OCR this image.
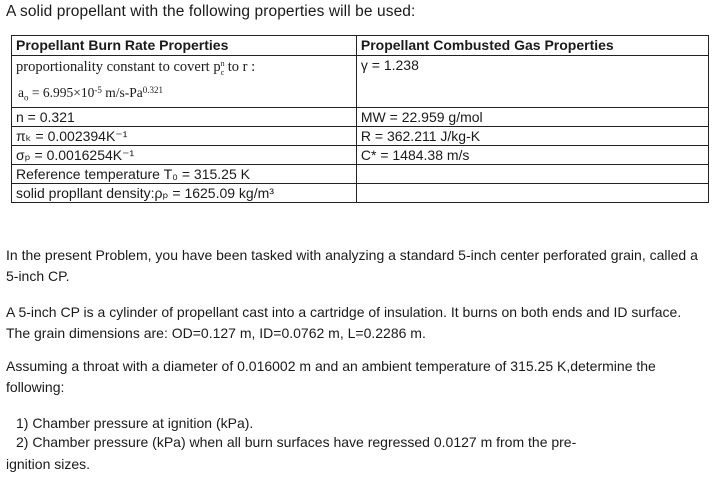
A solid propellant with the following properties will be used:
Propellant Burn Rate Properties	Propellant Combusted Gas Properties

proportionality constant to covert p n
$_c$ to r :
$a_o = 6.995\times 10^{-5}$ $m/s-Pa^{0.321}$	γ = 1.238
n = 0.321	MW = 22.959 g/mol
πₖ = 0.002394K⁻¹	R = 362.211 J/kg-K
σₚ = 0.0016254K⁻¹	C* = 1484.38 m/s
Reference temperature T₀ = 315.25 K	
solid propllant density:ρₚ = 1625.09 kg/m³	
In the present Problem, you have been tasked with analyzing a standard 5-inch center perforated grain, called a 5-inch CP.
A 5-inch CP is a cylinder of propellant cast into a cartridge of insulation. It burns on both ends and ID surface. The grain dimensions are: OD=0.127 m, ID=0.0762 m, L=0.2286 m.
Assuming a throat with a diameter of 0.016002 m and an ambient temperature of 315.25 K,determine the following:
1) Chamber pressure at ignition (kPa).
2) Chamber pressure (kPa) when all burn surfaces have regressed 0.0127 m from the pre-
ignition sizes.
